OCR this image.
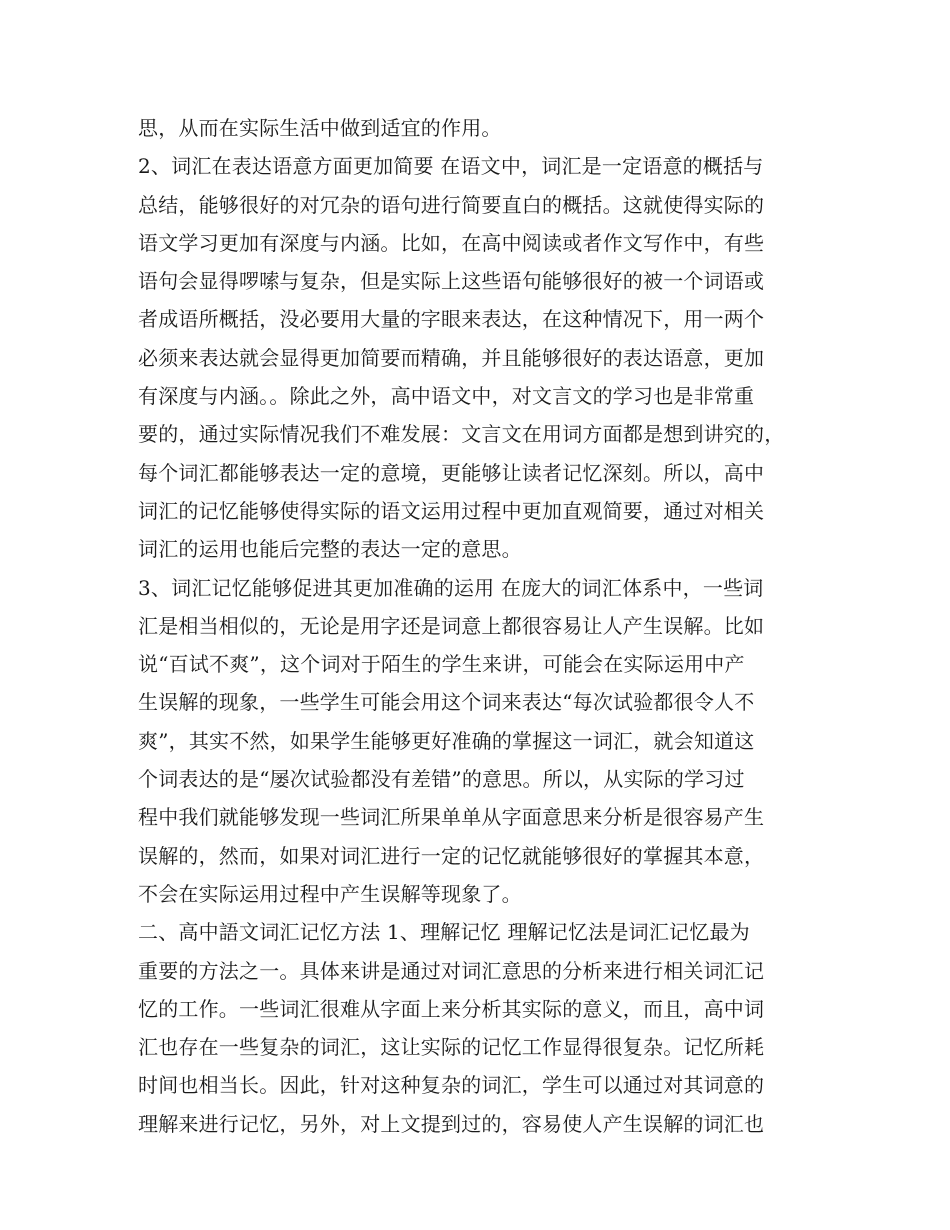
思，从而在实际生活中做到适宜的作用。
2、词汇在表达语意方面更加简要 在语文中，词汇是一定语意的概括与
总结，能够很好的对冗杂的语句进行简要直白的概括。这就使得实际的
语文学习更加有深度与内涵。比如，在高中阅读或者作文写作中，有些
语句会显得啰嗦与复杂，但是实际上这些语句能够很好的被一个词语或
者成语所概括，没必要用大量的字眼来表达，在这种情况下，用一两个
必须来表达就会显得更加简要而精确，并且能够很好的表达语意，更加
有深度与内涵。。除此之外，高中语文中，对文言文的学习也是非常重
要的，通过实际情况我们不难发展：文言文在用词方面都是想到讲究的，
每个词汇都能够表达一定的意境，更能够让读者记忆深刻。所以，高中
词汇的记忆能够使得实际的语文运用过程中更加直观简要，通过对相关
词汇的运用也能后完整的表达一定的意思。
3、词汇记忆能够促进其更加准确的运用 在庞大的词汇体系中，一些词
汇是相当相似的，无论是用字还是词意上都很容易让人产生误解。比如
说“百试不爽”，这个词对于陌生的学生来讲，可能会在实际运用中产
生误解的现象，一些学生可能会用这个词来表达“每次试验都很令人不
爽”，其实不然，如果学生能够更好准确的掌握这一词汇，就会知道这
个词表达的是“屡次试验都没有差错”的意思。所以，从实际的学习过
程中我们就能够发现一些词汇所果单单从字面意思来分析是很容易产生
误解的，然而，如果对词汇进行一定的记忆就能够很好的掌握其本意，
不会在实际运用过程中产生误解等现象了。
二、高中語文词汇记忆方法 1、理解记忆 理解记忆法是词汇记忆最为
重要的方法之一。具体来讲是通过对词汇意思的分析来进行相关词汇记
忆的工作。一些词汇很难从字面上来分析其实际的意义，而且，高中词
汇也存在一些复杂的词汇，这让实际的记忆工作显得很复杂。记忆所耗
时间也相当长。因此，针对这种复杂的词汇，学生可以通过对其词意的
理解来进行记忆，另外，对上文提到过的，容易使人产生误解的词汇也
